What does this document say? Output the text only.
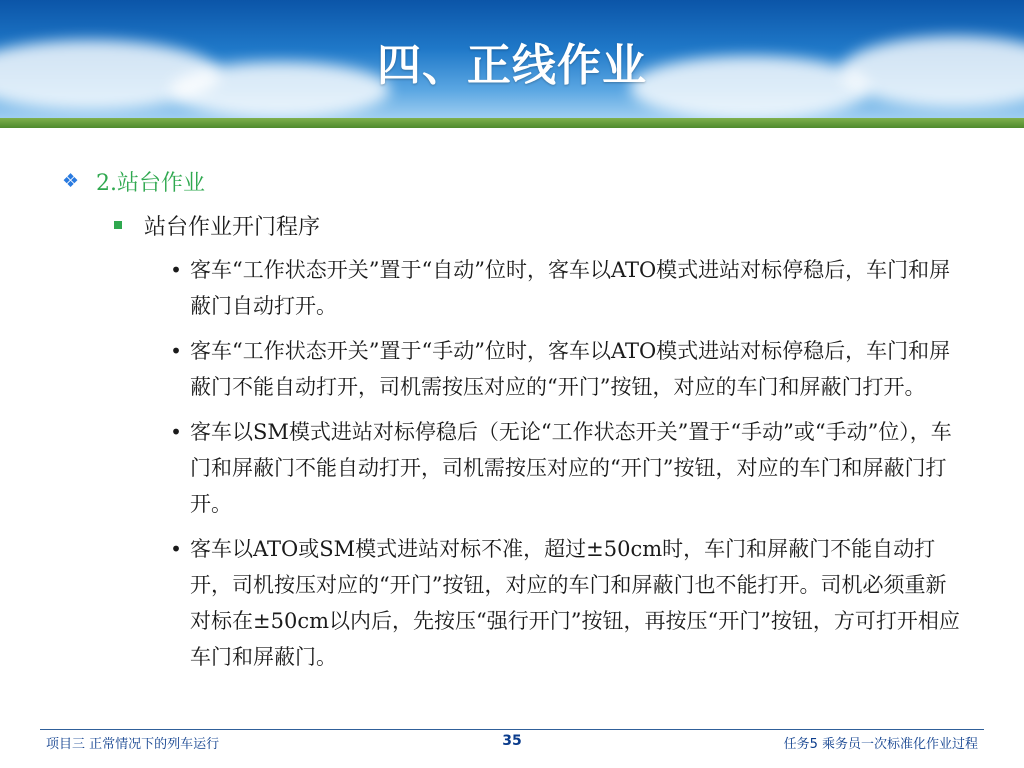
四、正线作业
❖ 2.站台作业
站台作业开门程序
• 客车“工作状态开关”置于“自动”位时，客车以ATO模式进站对标停稳后，车门和屏蔽门自动打开。
• 客车“工作状态开关”置于“手动”位时，客车以ATO模式进站对标停稳后，车门和屏蔽门不能自动打开，司机需按压对应的“开门”按钮，对应的车门和屏蔽门打开。
• 客车以SM模式进站对标停稳后（无论“工作状态开关”置于“手动”或“手动”位），车门和屏蔽门不能自动打开，司机需按压对应的“开门”按钮，对应的车门和屏蔽门打开。
• 客车以ATO或SM模式进站对标不准，超过±50cm时，车门和屏蔽门不能自动打开，司机按压对应的“开门”按钮，对应的车门和屏蔽门也不能打开。司机必须重新对标在±50cm以内后，先按压“强行开门”按钮，再按压“开门”按钮，方可打开相应车门和屏蔽门。
项目三 正常情况下的列车运行	35	任务5 乘务员一次标准化作业过程
